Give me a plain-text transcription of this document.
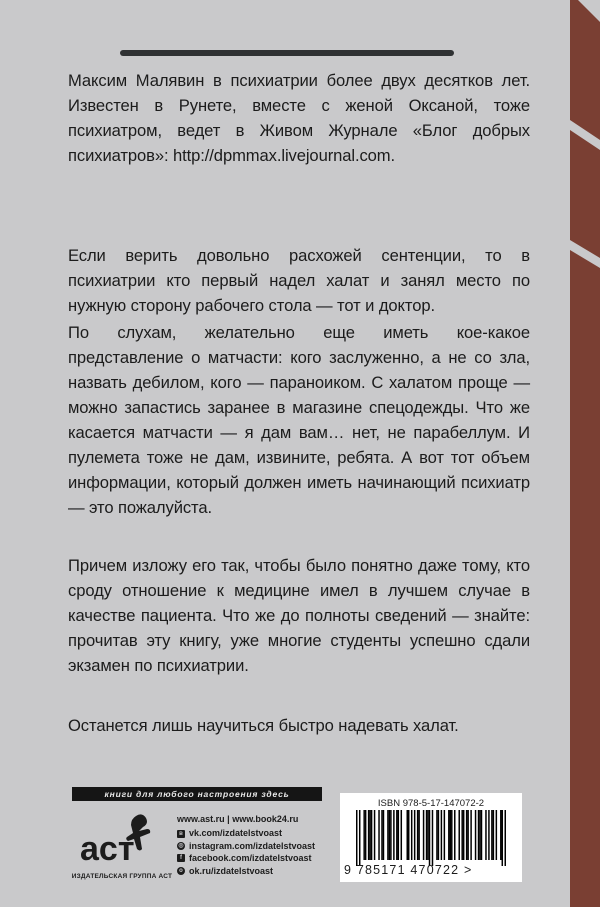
Максим Малявин в психиатрии более двух десятков лет. Известен в Рунете, вместе с женой Оксаной, тоже психиатром, ведет в Живом Журнале «Блог добрых психиатров»: http://dpmmax.livejournal.com.

Если верить довольно расхожей сентенции, то в психиатрии кто первый надел халат и занял место по нужную сторону рабочего стола — тот и доктор.

По слухам, желательно еще иметь кое-какое представление о матчасти: кого заслуженно, а не со зла, назвать дебилом, кого — параноиком. С халатом проще — можно запастись заранее в магазине спецодежды. Что же касается матчасти — я дам вам… нет, не парабеллум. И пулемета тоже не дам, извините, ребята. А вот тот объем информации, который должен иметь начинающий психиатр — это пожалуйста.

Причем изложу его так, чтобы было понятно даже тому, кто сроду отношение к медицине имел в лучшем случае в качестве пациента. Что же до полноты сведений — знайте: прочитав эту книгу, уже многие студенты успешно сдали экзамен по психиатрии.

Останется лишь научиться быстро надевать халат.

книги для любого настроения здесь
аст
ИЗДАТЕЛЬСКАЯ ГРУППА АСТ
www.ast.ru | www.book24.ru
в vk.com/izdatelstvoast
◎ instagram.com/izdatelstvoast
f facebook.com/izdatelstvoast
о ok.ru/izdatelstvoast
ISBN 978-5-17-147072-2
9 785171 470722 >
